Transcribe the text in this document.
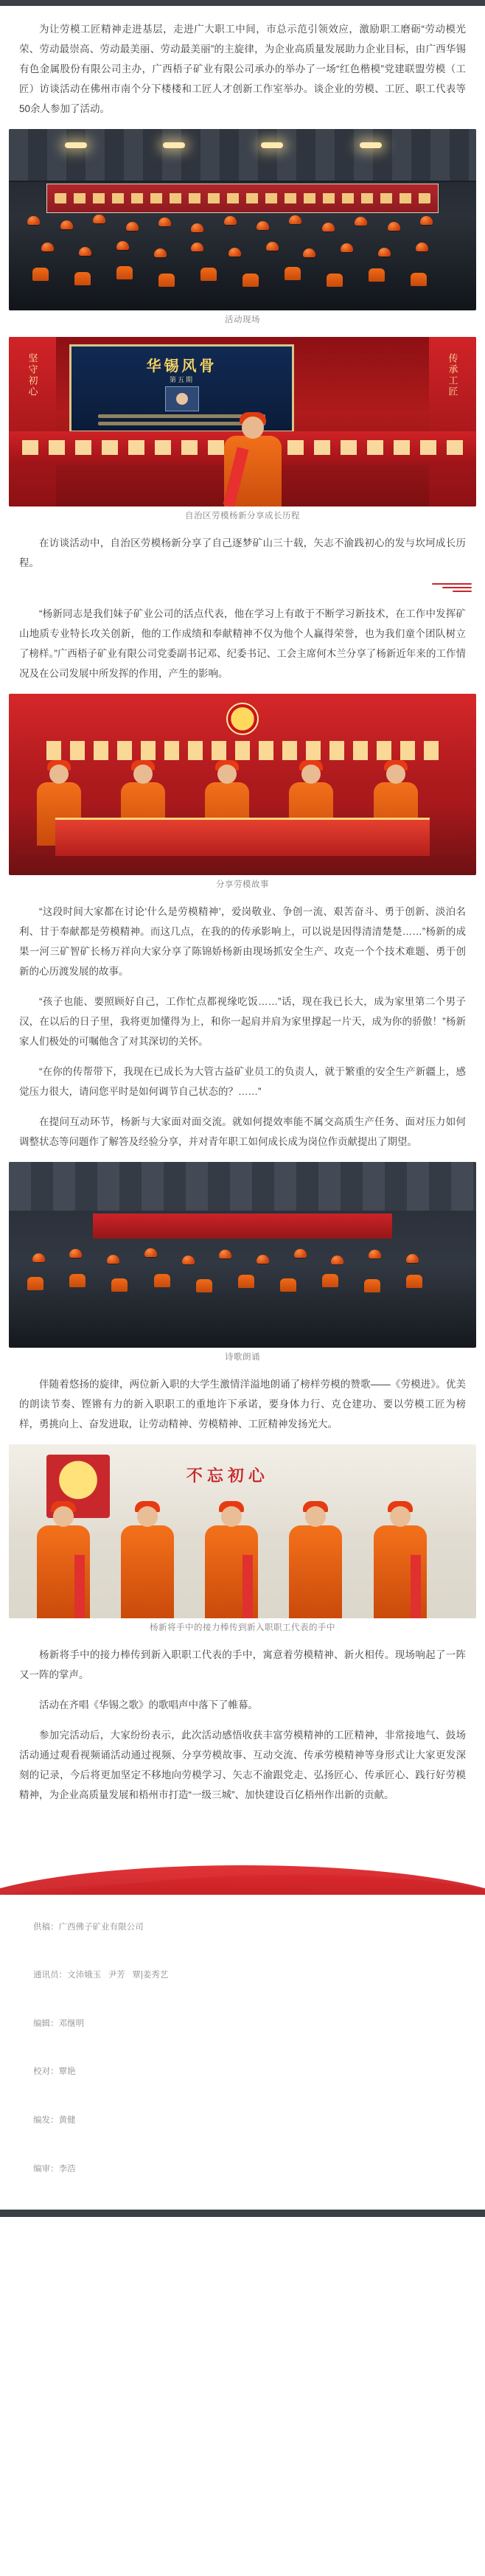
为让劳模工匠精神走进基层，走进广大职工中间，市总示范引领效应，激励职工磨砺“劳动模光荣、劳动最崇高、劳动最美丽、劳动最美丽”的主旋律，为企业高质量发展助力企业目标，由广西华锡有色金属股份有限公司主办，广西梧子矿业有限公司承办的举办了一场“红色楷模”党建联盟劳模（工匠）访谈活动在佛州市南个分下楼楼和工匠人才创新工作室举办。谈企业的劳模、工匠、职工代表等50余人参加了活动。

活动现场
坚守初心	传承工匠
华锡风骨
第五期
自治区劳模杨新分享成长历程

在访谈活动中，自治区劳模杨新分享了自己逐梦矿山三十载，矢志不渝践初心的发与坎坷成长历程。

“杨新同志是我们妹子矿业公司的活点代表，他在学习上有敢于不断学习新技术，在工作中发挥矿山地质专业特长攻关创新，他的工作成绩和奉献精神不仅为他个人赢得荣誉，也为我们童个团队树立了榜样。”广西梧子矿业有限公司党委副书记邓、纪委书记、工会主席何木兰分享了杨新近年来的工作情况及在公司发展中所发挥的作用，产生的影响。

分享劳模故事

“这段时间大家都在讨论‘什么是劳模精神’，爱岗敬业、争创一流、艰苦奋斗、勇于创新、淡泊名利、甘于奉献都是劳模精神。而这几点，在我的的传承影响上，可以说是因得清清楚楚……”杨新的成果一河三矿智矿长杨万祥向大家分享了陈锦娇杨新由现场抓安全生产、攻克一个个技术难题、勇于创新的心历渡发展的故事。

“孩子也能、要照顾好自己，工作忙点都视缘吃饭……”话，现在我已长大，成为家里第二个男子汉，在以后的日子里，我将更加懂得为上，和你一起肩并肩为家里撑起一片天，成为你的骄傲！”杨新家人们极处的可嘱他含了对其深切的关怀。

“在你的传帮带下，我现在已成长为大管古益矿业员工的负责人，就于繁重的安全生产新疆上，感觉压力很大，请问您平时是如何调节自己状态的？……”

在提问互动环节，杨新与大家面对面交流。就如何提效率能不属交高质生产任务、面对压力如何调整状态等问题作了解答及经验分享，并对青年职工如何成长成为岗位作贡献提出了期望。

诗歌朗诵

伴随着悠扬的旋律，两位新入职的大学生激情洋溢地朗诵了榜样劳模的赞歌——《劳模进》。优美的朗读节奏、铿锵有力的新入职职工的重地许下承诺，要身体力行、克仓建功、要以劳模工匠为榜样，勇挑向上、奋发进取，让劳动精神、劳模精神、工匠精神发扬光大。

不忘初心
杨新将手中的接力棒传到新入职职工代表的手中

杨新将手中的接力棒传到新入职职工代表的手中，寓意着劳模精神、新火相传。现场响起了一阵又一阵的掌声。

活动在齐唱《华锡之歌》的歌唱声中落下了帷幕。

参加完活动后，大家纷纷表示，此次活动感悟收获丰富劳模精神的工匠精神，非常接地气、鼓场活动通过观看视频诵活动通过视频、分享劳模故事、互动交流、传承劳模精神等身形式让大家更发深刻的记录，今后将更加坚定不移地向劳模学习、矢志不渝跟党走、弘扬匠心、传承匠心、践行好劳模精神，为企业高质量发展和梧州市打造“一级三城”、加快建设百亿梧州作出新的贡献。

供稿：广西佛子矿业有限公司

通讯员：文沛娥玉   尹芳   覃|姜秀艺

编辑：邓继明

校对：覃艳

编发：黄健

编审：李浩
